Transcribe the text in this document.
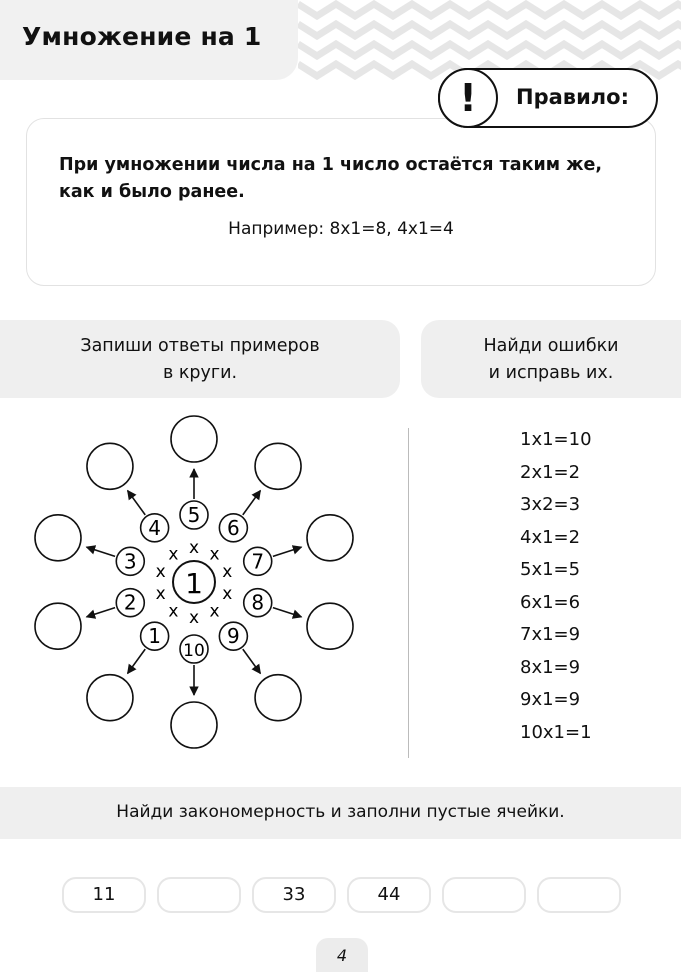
Умножение на 1
При умножении числа на 1 число остаётся таким же,
как и было ранее.
Например: 8x1=8, 4x1=4
!	Правило:
Запиши ответы примеров
в круги.
Найди ошибки
и исправь их.
1
x
5
x
6
x 7
x 8
x
9
x
10
x
1
x
2
x
3 x
4
1x1=10
2x1=2
3x2=3
4x1=2
5x1=5
6x1=6
7x1=9
8x1=9
9x1=9
10x1=1
Найди закономерность и заполни пустые ячейки.
11	33	44
4
